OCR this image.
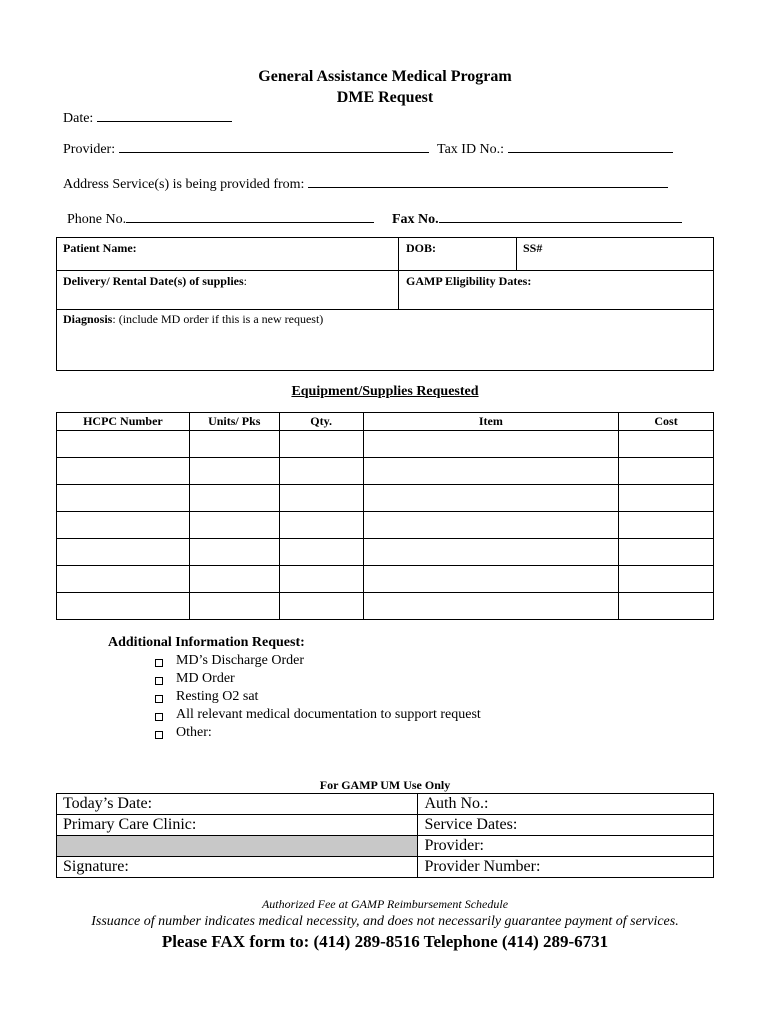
General Assistance Medical Program
DME Request
Date:
Provider:	Tax ID No.:
Address Service(s) is being provided from:
Phone No.	Fax No.
Patient Name:	DOB:	SS#
Delivery/ Rental Date(s) of supplies:	GAMP Eligibility Dates:
Diagnosis: (include MD order if this is a new request)
Equipment/Supplies Requested
HCPC Number	Units/ Pks	Qty.	Item	Cost

Additional Information Request:
MD’s Discharge Order
MD Order
Resting O2 sat
All relevant medical documentation to support request
Other:
For GAMP UM Use Only
Today’s Date:	Auth No.:
Primary Care Clinic:	Service Dates:
	Provider:
Signature:	Provider Number:
Authorized Fee at GAMP Reimbursement Schedule
Issuance of number indicates medical necessity, and does not necessarily guarantee payment of services.
Please FAX form to: (414) 289-8516 Telephone (414) 289-6731
